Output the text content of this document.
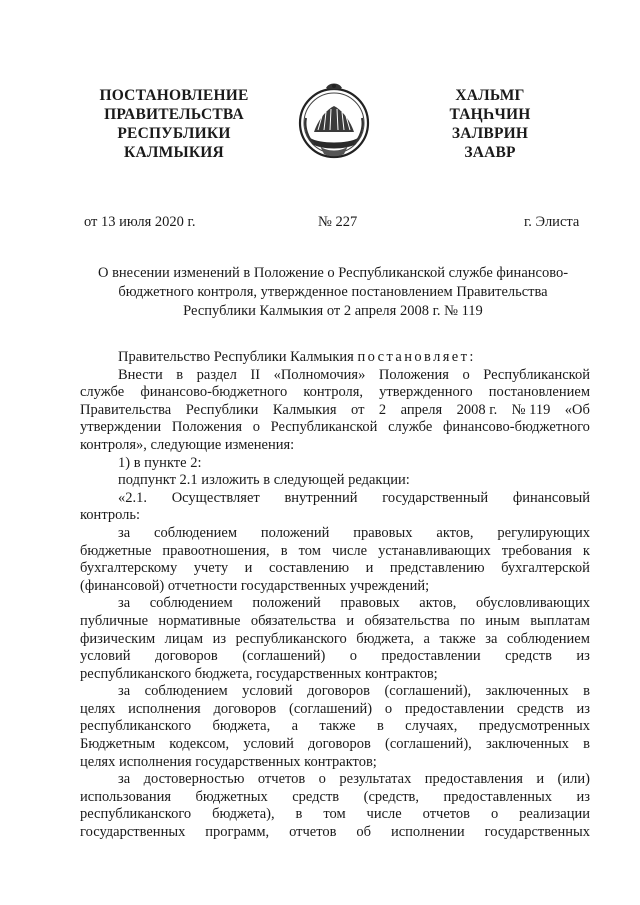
ПОСТАНОВЛЕНИЕ
ПРАВИТЕЛЬСТВА
РЕСПУБЛИКИ
КАЛМЫКИЯ
ХАЛЬМГ
ТАҢҺЧИН
ЗАЛВРИН
ЗААВР
от 13 июля 2020 г.	№ 227	г. Элиста
О внесении изменений в Положение о Республиканской службе финансово-
бюджетного контроля, утвержденное постановлением Правительства
Республики Калмыкия от 2 апреля 2008 г. № 119
Правительство Республики Калмыкия постановляет:
Внести в раздел II «Полномочия» Положения о Республиканской
службе финансово-бюджетного контроля, утвержденного постановлением
Правительства Республики Калмыкия от 2 апреля 2008 г. № 119 «Об
утверждении Положения о Республиканской службе финансово-бюджетного
контроля», следующие изменения:
1) в пункте 2:
подпункт 2.1 изложить в следующей редакции:
«2.1. Осуществляет внутренний государственный финансовый
контроль:
за соблюдением положений правовых актов, регулирующих
бюджетные правоотношения, в том числе устанавливающих требования к
бухгалтерскому учету и составлению и представлению бухгалтерской
(финансовой) отчетности государственных учреждений;
за соблюдением положений правовых актов, обусловливающих
публичные нормативные обязательства и обязательства по иным выплатам
физическим лицам из республиканского бюджета, а также за соблюдением
условий договоров (соглашений) о предоставлении средств из
республиканского бюджета, государственных контрактов;
за соблюдением условий договоров (соглашений), заключенных в
целях исполнения договоров (соглашений) о предоставлении средств из
республиканского бюджета, а также в случаях, предусмотренных
Бюджетным кодексом, условий договоров (соглашений), заключенных в
целях исполнения государственных контрактов;
за достоверностью отчетов о результатах предоставления и (или)
использования бюджетных средств (средств, предоставленных из
республиканского бюджета), в том числе отчетов о реализации
государственных программ, отчетов об исполнении государственных
